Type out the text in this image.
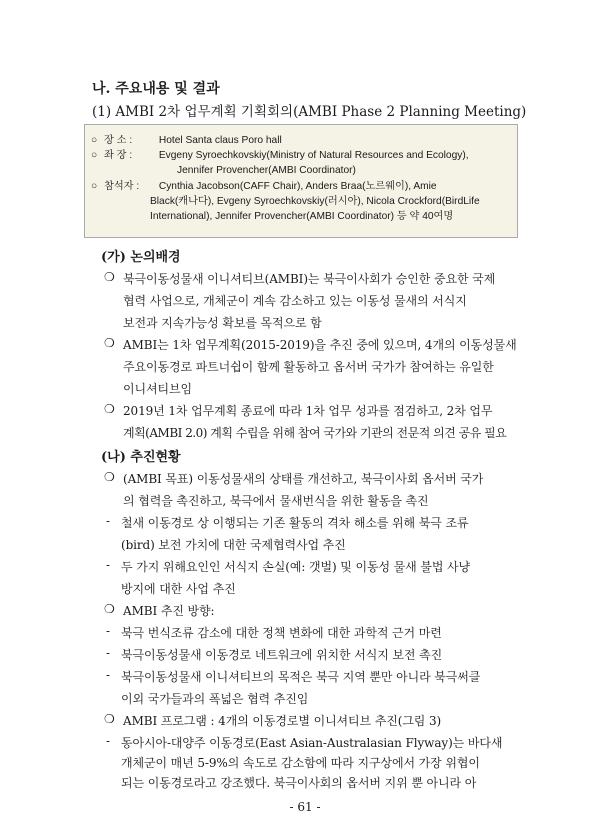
나. 주요내용 및 결과
(1) AMBI 2차 업무계획 기획회의(AMBI Phase 2 Planning Meeting)
○ 장 소 :	Hotel Santa claus Poro hall
○ 좌 장 :	Evgeny Syroechkovskiy(Ministry of Natural Resources and Ecology),
Jennifer Provencher(AMBI Coordinator)
○ 참석자 : Cynthia Jacobson(CAFF Chair), Anders Braa(노르웨이), Amie
Black(캐나다), Evgeny Syroechkovskiy(러시아), Nicola Crockford(BirdLife
International), Jennifer Provencher(AMBI Coordinator) 등 약 40여명
(가) 논의배경
❍ 북극이동성물새 이니셔티브(AMBI)는 북극이사회가 승인한 중요한 국제
협력 사업으로, 개체군이 계속 감소하고 있는 이동성 물새의 서식지
보전과 지속가능성 확보를 목적으로 함
❍ AMBI는 1차 업무계획(2015-2019)을 추진 중에 있으며, 4개의 이동성물새
주요이동경로 파트너쉽이 함께 활동하고 옵서버 국가가 참여하는 유일한
이니셔티브임
❍ 2019년 1차 업무계획 종료에 따라 1차 업무 성과를 점검하고, 2차 업무
계획(AMBI 2.0) 계획 수립을 위해 참여 국가와 기관의 전문적 의견 공유 필요
(나) 추진현황
❍ (AMBI 목표) 이동성물새의 상태를 개선하고, 북극이사회 옵서버 국가
의 협력을 촉진하고, 북극에서 물새번식을 위한 활동을 촉진
- 철새 이동경로 상 이행되는 기존 활동의 격차 해소를 위해 북극 조류
(bird) 보전 가치에 대한 국제협력사업 추진
- 두 가지 위해요인인 서식지 손실(예: 갯벌) 및 이동성 물새 불법 사냥
방지에 대한 사업 추진
❍ AMBI 추진 방향:
- 북극 번식조류 감소에 대한 정책 변화에 대한 과학적 근거 마련
- 북극이동성물새 이동경로 네트워크에 위치한 서식지 보전 촉진
- 북극이동성물새 이니셔티브의 목적은 북극 지역 뿐만 아니라 북극써클
이외 국가들과의 폭넓은 협력 추진임
❍ AMBI 프로그램 : 4개의 이동경로별 이니셔티브 추진(그림 3)
- 동아시아-대양주 이동경로(East Asian-Australasian Flyway)는 바다새
개체군이 매년 5-9%의 속도로 감소함에 따라 지구상에서 가장 위협이
- 61 -
되는 이동경로라고 강조했다. 북극이사회의 옵서버 지위 뿐 아니라 아
